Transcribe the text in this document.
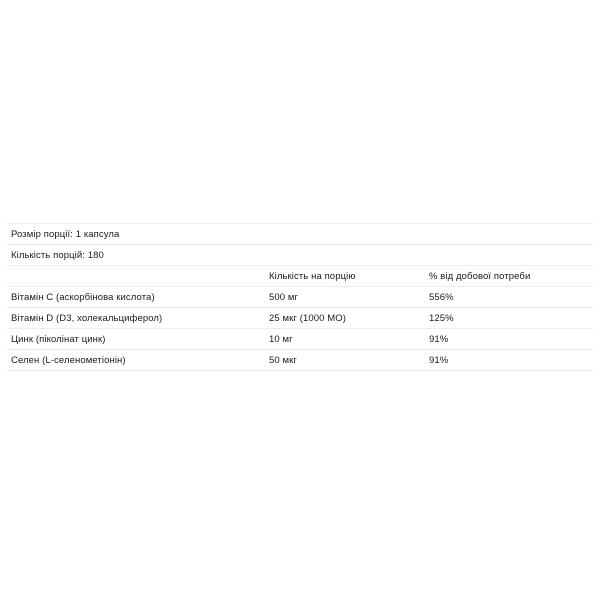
Розмір порції: 1 капсула		
Кількість порцій: 180		
	Кількість на порцію	% від добової потреби
Вітамін C (аскорбінова кислота)	500 мг	556%
Вітамін D (D3, холекальциферол)	25 мкг (1000 МО)	125%
Цинк (піколінат цинк)	10 мг	91%
Селен (L-селенометіонін)	50 мкг	91%
